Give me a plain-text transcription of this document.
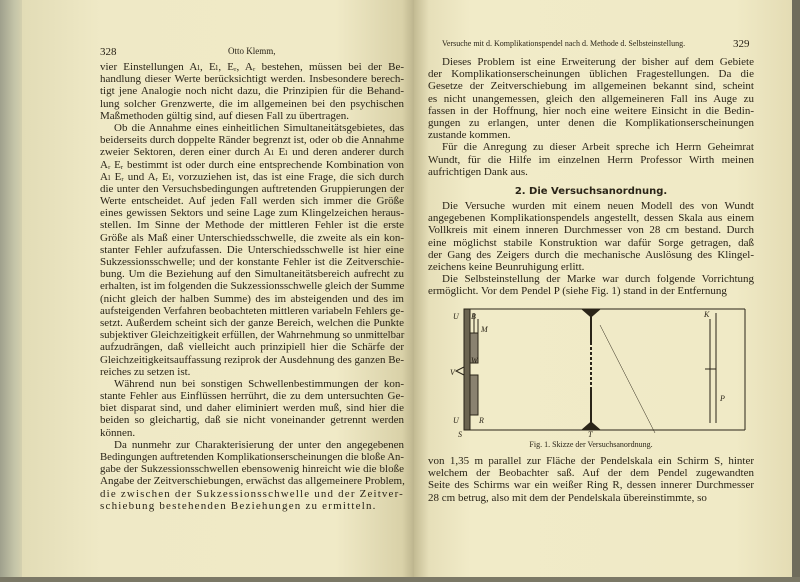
328	Otto Klemm,
vier Einstellungen Aₗ, Eₗ, Eᵣ, Aᵣ bestehen, müssen bei der Be-
handlung dieser Werte berücksichtigt werden. Insbesondere berech-
tigt jene Analogie noch nicht dazu, die Prinzipien für die Behand-
lung solcher Grenzwerte, die im allgemeinen bei den psychischen
Maßmethoden gültig sind, auf diesen Fall zu übertragen.
Ob die Annahme eines einheitlichen Simultaneitätsgebietes, das
beiderseits durch doppelte Ränder begrenzt ist, oder ob die Annahme
zweier Sektoren, deren einer durch Aₗ Eₗ und deren anderer durch
Aᵣ Eᵣ bestimmt ist oder durch eine entsprechende Kombination von
Aₗ Eᵣ und Aᵣ Eₗ, vorzuziehen ist, das ist eine Frage, die sich durch
die unter den Versuchsbedingungen auftretenden Gruppierungen der
Werte entscheidet. Auf jeden Fall werden sich immer die Größe
eines gewissen Sektors und seine Lage zum Klingelzeichen heraus-
stellen. Im Sinne der Methode der mittleren Fehler ist die erste
Größe als Maß einer Unterschiedsschwelle, die zweite als ein kon-
stanter Fehler aufzufassen. Die Unterschiedsschwelle ist hier eine
Sukzessionsschwelle; und der konstante Fehler ist die Zeitverschie-
bung. Um die Beziehung auf den Simultaneitätsbereich aufrecht zu
erhalten, ist im folgenden die Sukzessionsschwelle gleich der Summe
(nicht gleich der halben Summe) des im absteigenden und des im
aufsteigenden Verfahren beobachteten mittleren variabeln Fehlers ge-
setzt. Außerdem scheint sich der ganze Bereich, welchen die Punkte
subjektiver Gleichzeitigkeit erfüllen, der Wahrnehmung so unmittelbar
aufzudrängen, daß vielleicht auch prinzipiell hier die Schärfe der
Gleichzeitigkeitsauffassung reziprok der Ausdehnung des ganzen Be-
reiches zu setzen ist.
Während nun bei sonstigen Schwellenbestimmungen der kon-
stante Fehler aus Einflüssen herrührt, die zu dem untersuchten Ge-
biet disparat sind, und daher eliminiert werden muß, sind hier die
beiden so gleichartig, daß sie nicht voneinander getrennt werden
können.
Da nunmehr zur Charakterisierung der unter den angegebenen
Bedingungen auftretenden Komplikationserscheinungen die bloße An-
gabe der Sukzessionsschwellen ebensowenig hinreicht wie die bloße
Angabe der Zeitverschiebungen, erwächst das allgemeinere Problem,
die zwischen der Sukzessionsschwelle und der Zeitver-
schiebung bestehenden Beziehungen zu ermitteln.
Versuche mit d. Komplikationspendel nach d. Methode d. Selbsteinstellung.	329
Dieses Problem ist eine Erweiterung der bisher auf dem Gebiete
der Komplikationserscheinungen üblichen Fragestellungen. Da die
Gesetze der Zeitverschiebung im allgemeinen bekannt sind, scheint
es nicht unangemessen, gleich den allgemeineren Fall ins Auge zu
fassen in der Hoffnung, hier noch eine weitere Einsicht in die Bedin-
gungen zu erlangen, unter denen die Komplikationserscheinungen
zustande kommen.
Für die Anregung zu dieser Arbeit spreche ich Herrn Geheimrat
Wundt, für die Hilfe im einzelnen Herrn Professor Wirth meinen
aufrichtigen Dank aus.
2. Die Versuchsanordnung.
Die Versuche wurden mit einem neuen Modell des von Wundt
angegebenen Komplikationspendels angestellt, dessen Skala aus einem
Vollkreis mit einem inneren Durchmesser von 28 cm bestand. Durch
eine möglichst stabile Konstruktion war dafür Sorge getragen, daß
der Gang des Zeigers durch die mechanische Auslösung des Klingel-
zeichens keine Beunruhigung erlitt.
Die Selbsteinstellung der Marke war durch folgende Vorrichtung
ermöglicht. Vor dem Pendel P (siehe Fig. 1) stand in der Entfernung
U B
M
W
V
U	R
S	T
K
P
Fig. 1. Skizze der Versuchsanordnung.
von 1,35 m parallel zur Fläche der Pendelskala ein Schirm S, hinter
welchem der Beobachter saß. Auf der dem Pendel zugewandten
Seite des Schirms war ein weißer Ring R, dessen innerer Durchmesser
28 cm betrug, also mit dem der Pendelskala übereinstimmte, so
